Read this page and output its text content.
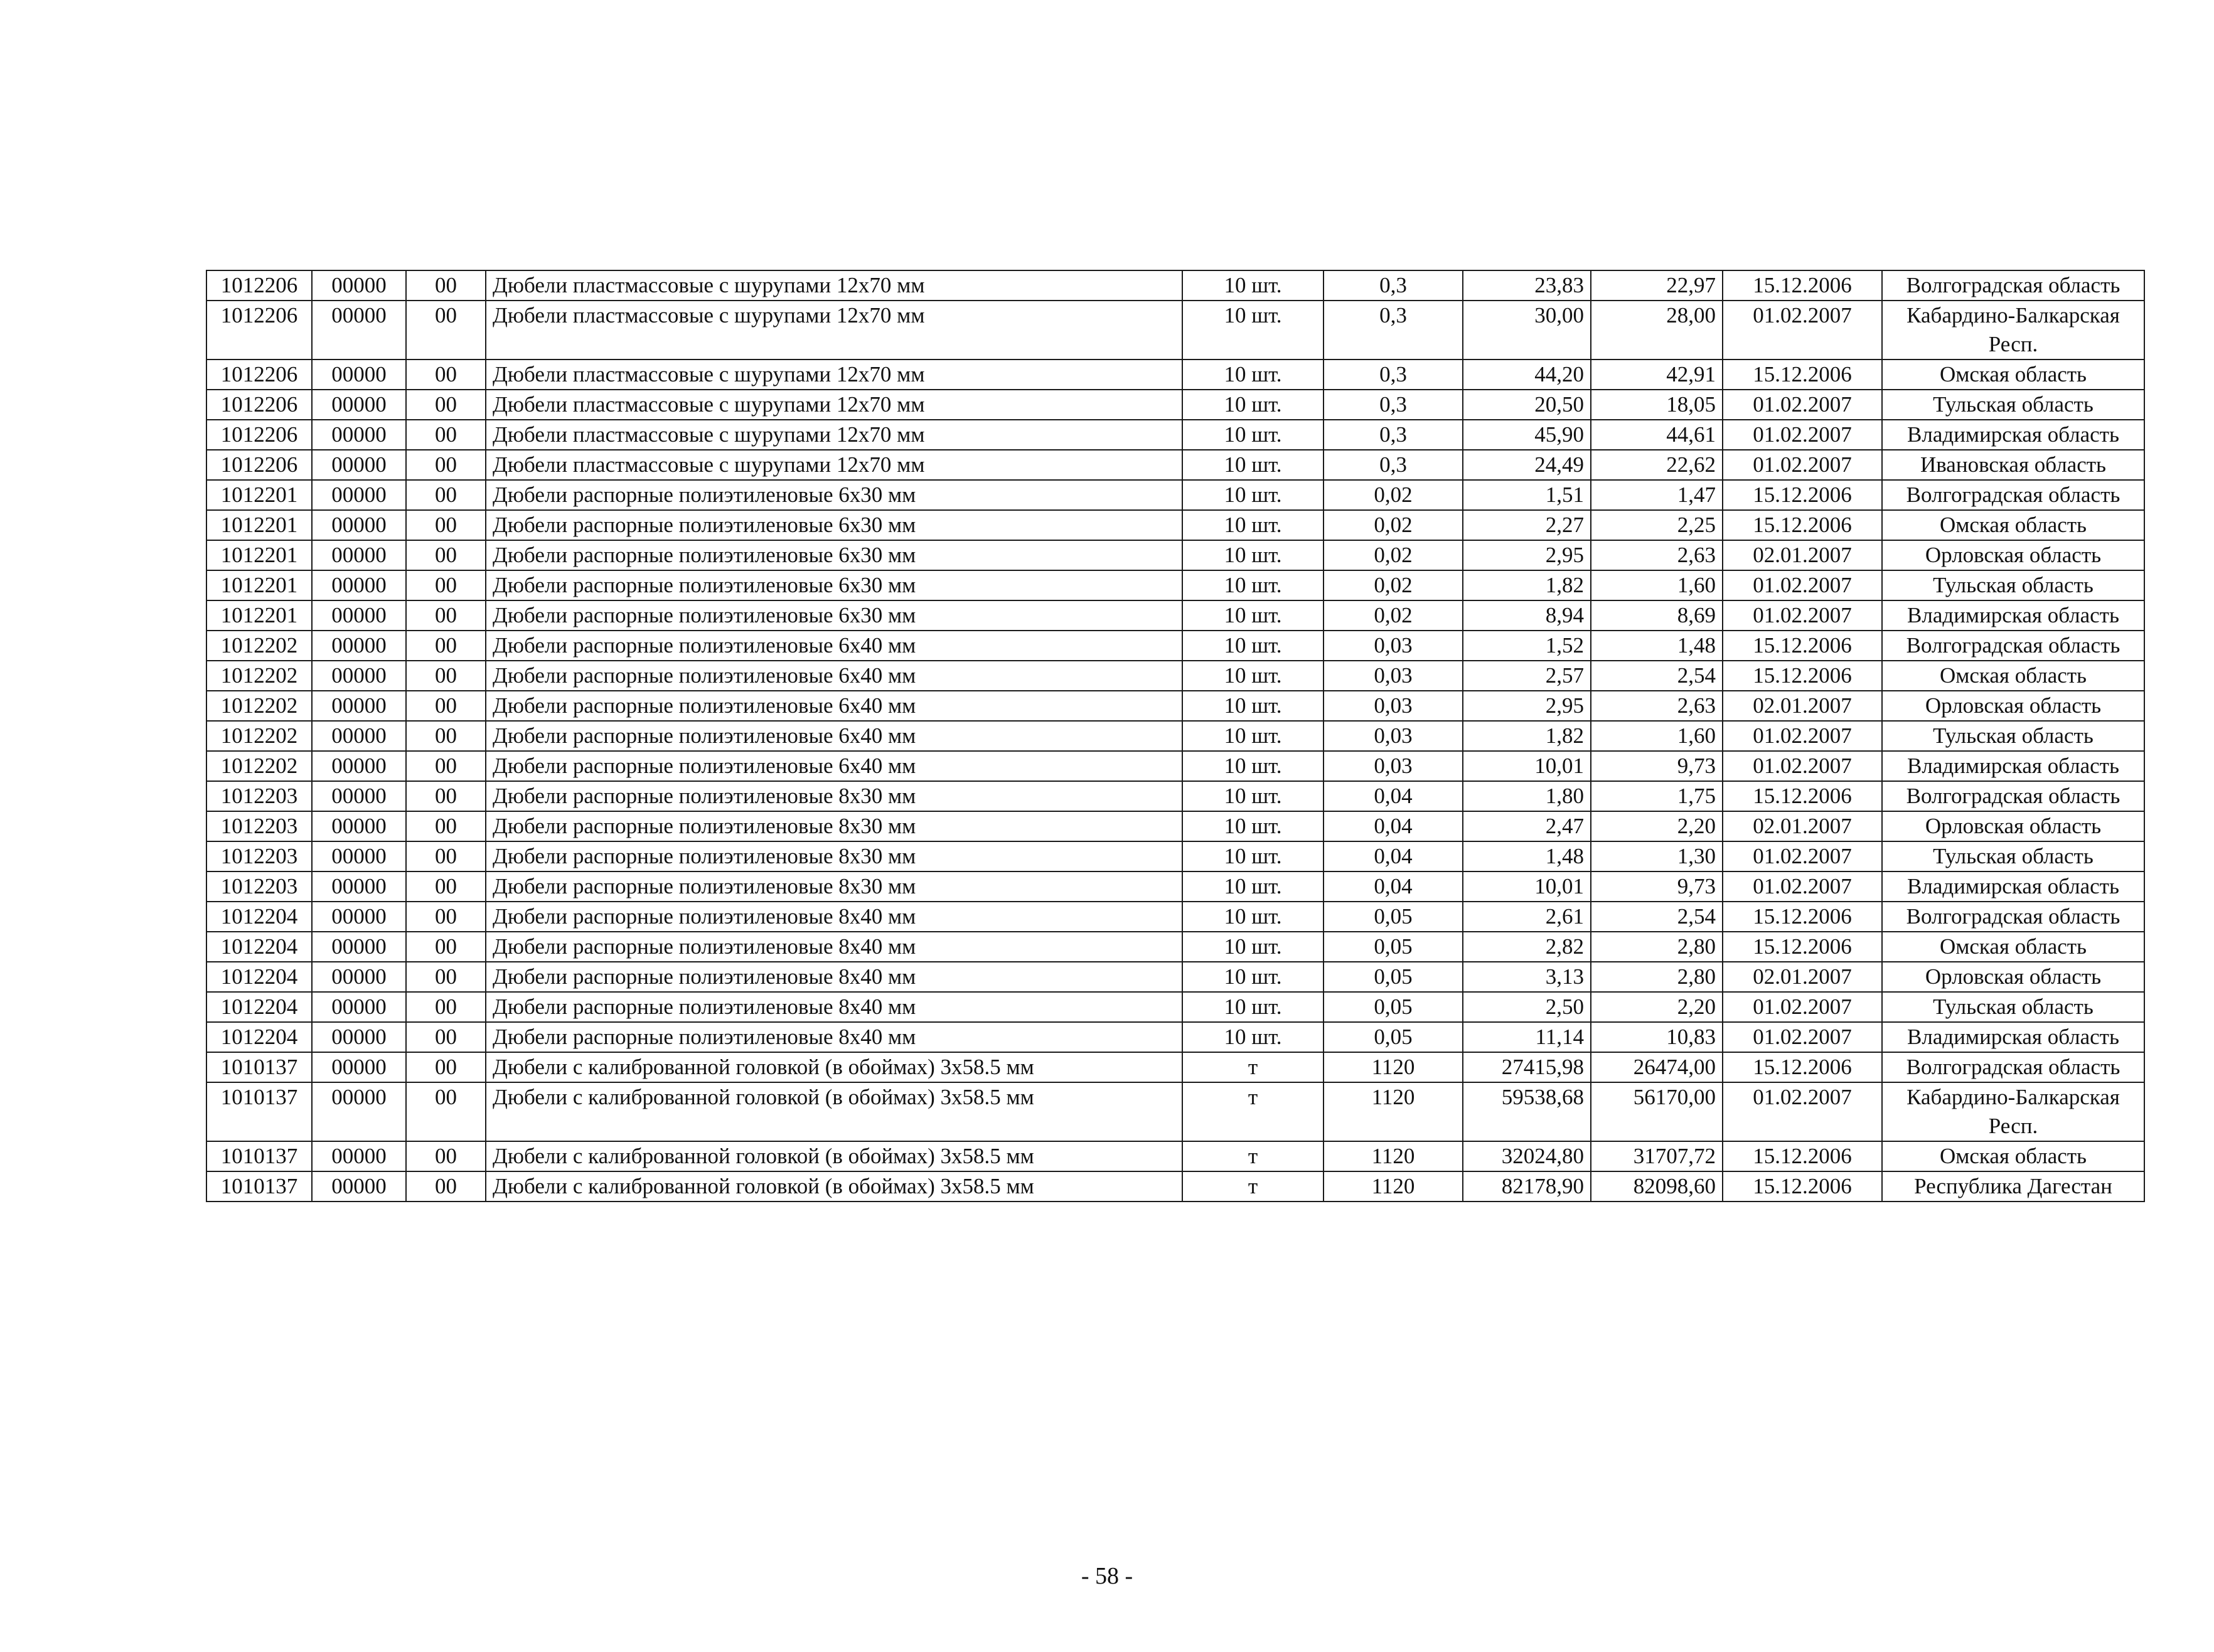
1012206	00000	00	Дюбели пластмассовые с шурупами 12х70 мм	10 шт.	0,3	23,83	22,97	15.12.2006	Волгоградская область
1012206	00000	00	Дюбели пластмассовые с шурупами 12х70 мм	10 шт.	0,3	30,00	28,00	01.02.2007	Кабардино-Балкарская Респ.
1012206	00000	00	Дюбели пластмассовые с шурупами 12х70 мм	10 шт.	0,3	44,20	42,91	15.12.2006	Омская область
1012206	00000	00	Дюбели пластмассовые с шурупами 12х70 мм	10 шт.	0,3	20,50	18,05	01.02.2007	Тульская область
1012206	00000	00	Дюбели пластмассовые с шурупами 12х70 мм	10 шт.	0,3	45,90	44,61	01.02.2007	Владимирская область
1012206	00000	00	Дюбели пластмассовые с шурупами 12х70 мм	10 шт.	0,3	24,49	22,62	01.02.2007	Ивановская область
1012201	00000	00	Дюбели распорные полиэтиленовые 6х30 мм	10 шт.	0,02	1,51	1,47	15.12.2006	Волгоградская область
1012201	00000	00	Дюбели распорные полиэтиленовые 6х30 мм	10 шт.	0,02	2,27	2,25	15.12.2006	Омская область
1012201	00000	00	Дюбели распорные полиэтиленовые 6х30 мм	10 шт.	0,02	2,95	2,63	02.01.2007	Орловская область
1012201	00000	00	Дюбели распорные полиэтиленовые 6х30 мм	10 шт.	0,02	1,82	1,60	01.02.2007	Тульская область
1012201	00000	00	Дюбели распорные полиэтиленовые 6х30 мм	10 шт.	0,02	8,94	8,69	01.02.2007	Владимирская область
1012202	00000	00	Дюбели распорные полиэтиленовые 6х40 мм	10 шт.	0,03	1,52	1,48	15.12.2006	Волгоградская область
1012202	00000	00	Дюбели распорные полиэтиленовые 6х40 мм	10 шт.	0,03	2,57	2,54	15.12.2006	Омская область
1012202	00000	00	Дюбели распорные полиэтиленовые 6х40 мм	10 шт.	0,03	2,95	2,63	02.01.2007	Орловская область
1012202	00000	00	Дюбели распорные полиэтиленовые 6х40 мм	10 шт.	0,03	1,82	1,60	01.02.2007	Тульская область
1012202	00000	00	Дюбели распорные полиэтиленовые 6х40 мм	10 шт.	0,03	10,01	9,73	01.02.2007	Владимирская область
1012203	00000	00	Дюбели распорные полиэтиленовые 8х30 мм	10 шт.	0,04	1,80	1,75	15.12.2006	Волгоградская область
1012203	00000	00	Дюбели распорные полиэтиленовые 8х30 мм	10 шт.	0,04	2,47	2,20	02.01.2007	Орловская область
1012203	00000	00	Дюбели распорные полиэтиленовые 8х30 мм	10 шт.	0,04	1,48	1,30	01.02.2007	Тульская область
1012203	00000	00	Дюбели распорные полиэтиленовые 8х30 мм	10 шт.	0,04	10,01	9,73	01.02.2007	Владимирская область
1012204	00000	00	Дюбели распорные полиэтиленовые 8х40 мм	10 шт.	0,05	2,61	2,54	15.12.2006	Волгоградская область
1012204	00000	00	Дюбели распорные полиэтиленовые 8х40 мм	10 шт.	0,05	2,82	2,80	15.12.2006	Омская область
1012204	00000	00	Дюбели распорные полиэтиленовые 8х40 мм	10 шт.	0,05	3,13	2,80	02.01.2007	Орловская область
1012204	00000	00	Дюбели распорные полиэтиленовые 8х40 мм	10 шт.	0,05	2,50	2,20	01.02.2007	Тульская область
1012204	00000	00	Дюбели распорные полиэтиленовые 8х40 мм	10 шт.	0,05	11,14	10,83	01.02.2007	Владимирская область
1010137	00000	00	Дюбели с калиброванной головкой (в обоймах) 3х58.5 мм	т	1120	27415,98	26474,00	15.12.2006	Волгоградская область
1010137	00000	00	Дюбели с калиброванной головкой (в обоймах) 3х58.5 мм	т	1120	59538,68	56170,00	01.02.2007	Кабардино-Балкарская Респ.
1010137	00000	00	Дюбели с калиброванной головкой (в обоймах) 3х58.5 мм	т	1120	32024,80	31707,72	15.12.2006	Омская область
1010137	00000	00	Дюбели с калиброванной головкой (в обоймах) 3х58.5 мм	т	1120	82178,90	82098,60	15.12.2006	Республика Дагестан
- 58 -
